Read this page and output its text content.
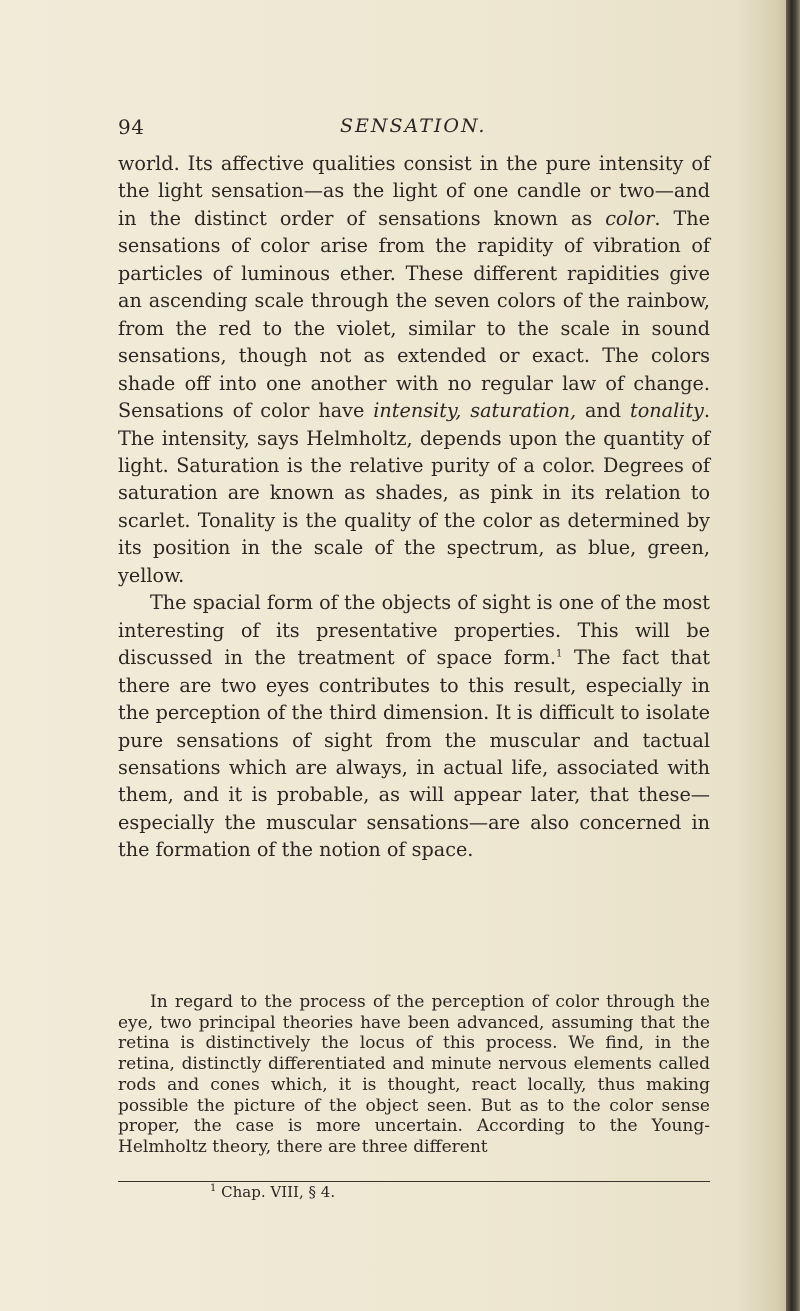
94	SENSATION.
world. Its affective qualities consist in the pure intensity of the light sensation—as the light of one candle or two—and in the distinct order of sensations known as color. The sensations of color arise from the rapidity of vibration of particles of luminous ether. These different rapidities give an ascending scale through the seven colors of the rainbow, from the red to the violet, similar to the scale in sound sensations, though not as extended or exact. The colors shade off into one another with no regular law of change. Sensations of color have intensity, saturation, and tonality. The intensity, says Helmholtz, depends upon the quantity of light. Saturation is the relative purity of a color. Degrees of saturation are known as shades, as pink in its relation to scarlet. Tonality is the quality of the color as determined by its position in the scale of the spectrum, as blue, green, yellow.
The spacial form of the objects of sight is one of the most interesting of its presentative properties. This will be discussed in the treatment of space form.$^1$ The fact that there are two eyes contributes to this result, especially in the perception of the third dimension. It is difficult to isolate pure sensations of sight from the muscular and tactual sensations which are always, in actual life, associated with them, and it is probable, as will appear later, that these—especially the muscular sensations—are also concerned in the formation of the notion of space.

In regard to the process of the perception of color through the eye, two principal theories have been advanced, assuming that the retina is distinctively the locus of this process. We find, in the retina, distinctly differentiated and minute nervous elements called rods and cones which, it is thought, react locally, thus making possible the picture of the object seen. But as to the color sense proper, the case is more uncertain. According to the Young-Helmholtz theory, there are three different

$^1$ Chap. VIII, § 4.
